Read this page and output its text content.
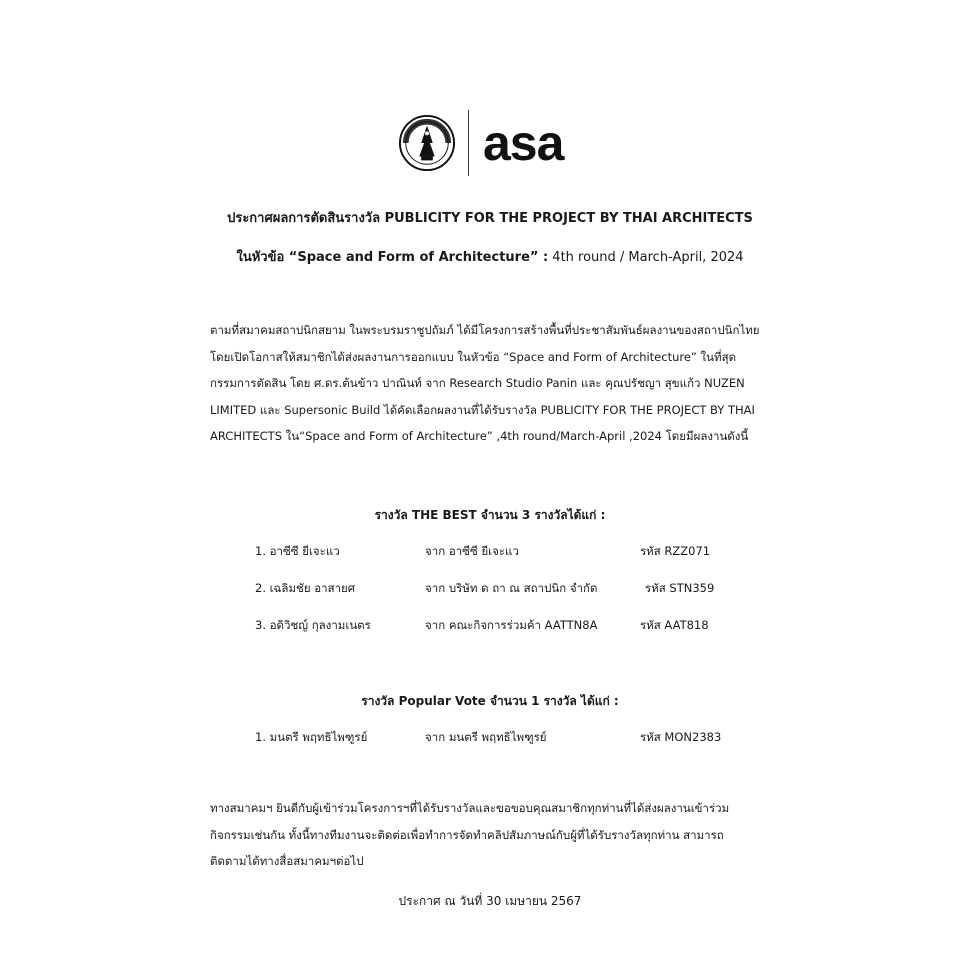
asa
ประกาศผลการตัดสินรางวัล PUBLICITY FOR THE PROJECT BY THAI ARCHITECTS
ในหัวข้อ “Space and Form of Architecture” : 4th round / March-April, 2024
ตามที่สมาคมสถาปนิกสยาม ในพระบรมราชูปถัมภ์ ได้มีโครงการสร้างพื้นที่ประชาสัมพันธ์ผลงานของสถาปนิกไทย
โดยเปิดโอกาสให้สมาชิกได้ส่งผลงานการออกแบบ ในหัวข้อ “Space and Form of Architecture” ในที่สุด
กรรมการตัดสิน โดย ศ.ดร.ต้นข้าว ปาณินท์ จาก Research Studio Panin และ คุณปรัชญา สุขแก้ว NUZEN
LIMITED และ Supersonic Build ได้คัดเลือกผลงานที่ได้รับรางวัล PUBLICITY FOR THE PROJECT BY THAI
ARCHITECTS ใน“Space and Form of Architecture” ,4th round/March-April ,2024 โดยมีผลงานดังนี้
รางวัล THE BEST จำนวน 3 รางวัลได้แก่ :
1. อาซีซี ยีเจะแว	จาก อาซีซี ยีเจะแว	รหัส RZZ071
2. เฉลิมชัย อาสายศ	จาก บริษัท ด ถา ณ สถาปนิก จำกัด	รหัส STN359
3. อดิวิชญ์ กุลงามเนตร	จาก คณะกิจการร่วมค้า AATTN8A	รหัส AAT818
รางวัล Popular Vote จำนวน 1 รางวัล ได้แก่ :
1. มนตรี พฤทธิไพฑูรย์	จาก มนตรี พฤทธิไพฑูรย์	รหัส MON2383
ทางสมาคมฯ ยินดีกับผู้เข้าร่วมโครงการฯที่ได้รับรางวัลและขอขอบคุณสมาชิกทุกท่านที่ได้ส่งผลงานเข้าร่วม
กิจกรรมเช่นกัน ทั้งนี้ทางทีมงานจะติดต่อเพื่อทำการจัดทำคลิปสัมภาษณ์กับผู้ที่ได้รับรางวัลทุกท่าน สามารถ
ติดตามได้ทางสื่อสมาคมฯต่อไป
ประกาศ ณ วันที่ 30 เมษายน 2567
